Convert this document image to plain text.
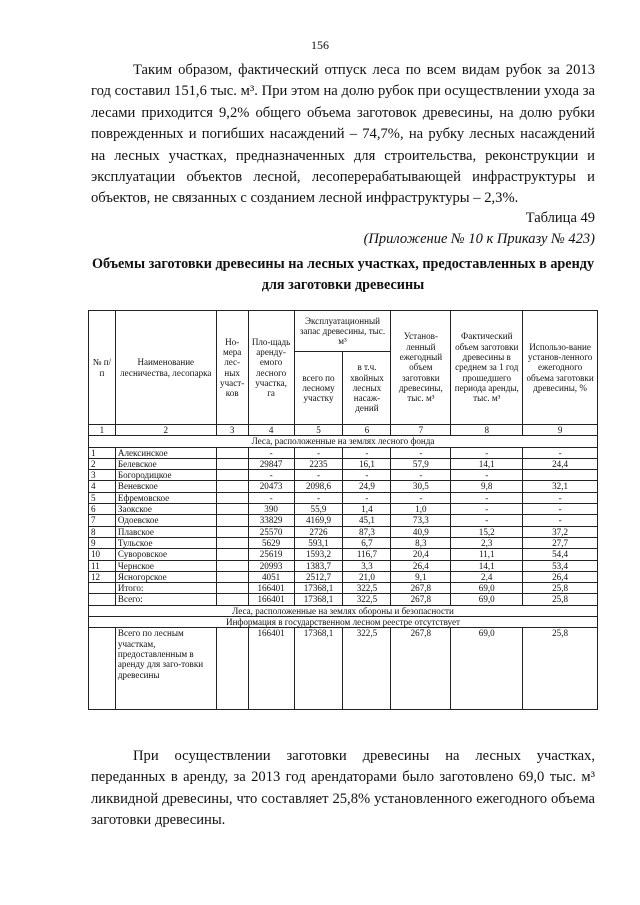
156

Таким образом, фактический отпуск леса по всем видам рубок за 2013 год составил 151,6 тыс. м³. При этом на долю рубок при осуществлении ухода за лесами приходится 9,2% общего объема заготовок древесины, на долю рубки поврежденных и погибших насаждений – 74,7%, на рубку лесных насаждений на лесных участках, предназначенных для строительства, реконструкции и эксплуатации объектов лесной, лесоперерабатывающей инфраструктуры и объектов, не связанных с созданием лесной инфраструктуры – 2,3%.

Таблица 49
(Приложение № 10 к Приказу № 423)
Объемы заготовки древесины на лесных участках, предоставленных в аренду для заготовки древесины
№ п/п	Наименование лесничества, лесопарка	Но-мера лес-ных участ-ков	Пло-щадь аренду-емого лесного участка, га	Эксплуатационный запас древесины, тыс. м³		Установ-ленный ежегодный объем заготовки древесины, тыс. м³	Фактический объем заготовки древесины в среднем за 1 год прошедшего периода аренды, тыс. м³	Использо-вание установ-ленного ежегодного объема заготовки древесины, %
				всего по лесному участку	в т.ч. хвойных лесных насаж-дений			
1	2	3	4	5	6	7	8	9
Леса, расположенные на землях лесного фонда								
1	Алексинское		-	-	-	-	-	-
2	Белевское		29847	2235	16,1	57,9	14,1	24,4
3	Богородицкое		-	-	-	-	-	
4	Веневское		20473	2098,6	24,9	30,5	9,8	32,1
5	Ефремовское		-	-	-	-	-	-
6	Заокское		390	55,9	1,4	1,0	-	-
7	Одоевское		33829	4169,9	45,1	73,3	-	-
8	Плавское		25570	2726	87,3	40,9	15,2	37,2
9	Тульское		5629	593,1	6,7	8,3	2,3	27,7
10	Суворовское		25619	1593,2	116,7	20,4	11,1	54,4
11	Чернское		20993	1383,7	3,3	26,4	14,1	53,4
12	Ясногорское		4051	2512,7	21,0	9,1	2,4	26,4
	Итого:		166401	17368,1	322,5	267,8	69,0	25,8
	Всего:		166401	17368,1	322,5	267,8	69,0	25,8
Леса, расположенные на землях обороны и безопасности								
Информация в государственном лесном реестре отсутствует								
	Всего по лесным участкам, предоставленным в аренду для заго-товки древесины		166401	17368,1	322,5	267,8	69,0	25,8

При осуществлении заготовки древесины на лесных участках, переданных в аренду, за 2013 год арендаторами было заготовлено 69,0 тыс. м³ ликвидной древесины, что составляет 25,8% установленного ежегодного объема заготовки древесины.
